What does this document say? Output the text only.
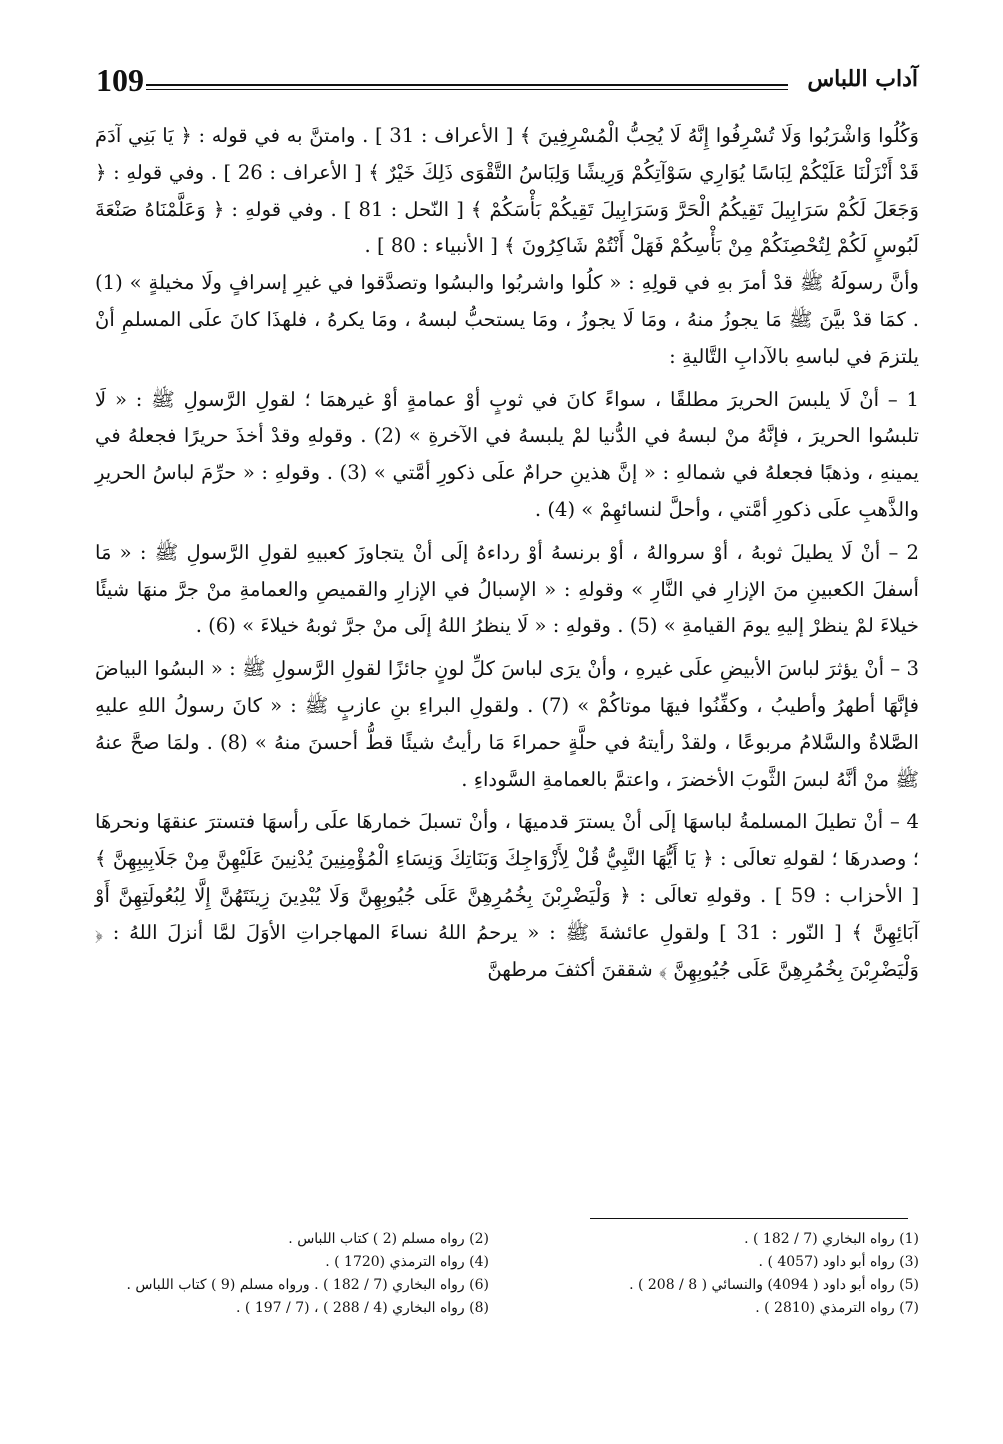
109	آداب اللباس

وَكُلُوا وَاشْرَبُوا وَلَا تُسْرِفُوا إِنَّهُ لَا يُحِبُّ الْمُسْرِفِينَ ﴾ [ الأعراف : 31 ] . وامتنَّ به في قوله : ﴿ يَا بَنِي آدَمَ قَدْ أَنْزَلْنَا عَلَيْكُمْ لِبَاسًا يُوَارِي سَوْآتِكُمْ وَرِيشًا وَلِبَاسُ التَّقْوَى ذَلِكَ خَيْرٌ ﴾ [ الأعراف : 26 ] . وفي قولهِ : ﴿ وَجَعَلَ لَكُمْ سَرَابِيلَ تَقِيكُمُ الْحَرَّ وَسَرَابِيلَ تَقِيكُمْ بَأْسَكُمْ ﴾ [ النّحل : 81 ] . وفي قولهِ : ﴿ وَعَلَّمْنَاهُ صَنْعَةَ لَبُوسٍ لَكُمْ لِتُحْصِنَكُمْ مِنْ بَأْسِكُمْ فَهَلْ أَنْتُمْ شَاكِرُونَ ﴾ [ الأنبياء : 80 ] .

وأنَّ رسولَهُ ﷺ قدْ أمرَ بهِ في قولِهِ : « كلُوا واشربُوا والبسُوا وتصدَّقوا في غيرِ إسرافٍ ولَا مخيلةٍ » (1) . كمَا قدْ بيَّنَ ﷺ مَا يجوزُ منهُ ، ومَا لَا يجوزُ ، ومَا يستحبُّ لبسهُ ، ومَا يكرهُ ، فلهذَا كانَ علَى المسلمِ أنْ يلتزمَ في لباسهِ بالآدابِ التَّاليةِ :

1 – أنْ لَا يلبسَ الحريرَ مطلقًا ، سواءً كانَ في ثوبٍ أوْ عمامةٍ أوْ غيرهمَا ؛ لقولِ الرَّسولِ ﷺ : « لَا تلبسُوا الحريرَ ، فإنَّهُ منْ لبسهُ في الدُّنيا لمْ يلبسهُ في الآخرةِ » (2) . وقولهِ وقدْ أخذَ حريرًا فجعلهُ في يمينهِ ، وذهبًا فجعلهُ في شمالهِ : « إنَّ هذينِ حرامٌ علَى ذكورِ أمَّتي » (3) . وقولهِ : « حرِّمَ لباسُ الحريرِ والذَّهبِ علَى ذكورِ أمَّتي ، وأحلَّ لنسائهِمْ » (4) .

2 – أنْ لَا يطيلَ ثوبهُ ، أوْ سروالهُ ، أوْ برنسهُ أوْ رداءهُ إلَى أنْ يتجاوزَ كعبيهِ لقولِ الرَّسولِ ﷺ : « مَا أسفلَ الكعبينِ منَ الإزارِ في النَّارِ » وقولهِ : « الإسبالُ في الإزارِ والقميصِ والعمامةِ منْ جرَّ منهَا شيئًا خيلاءَ لمْ ينظرْ إليهِ يومَ القيامةِ » (5) . وقولهِ : « لَا ينظرُ اللهُ إلَى منْ جرَّ ثوبهُ خيلاءَ » (6) .

3 – أنْ يؤثرَ لباسَ الأبيضِ علَى غيرهِ ، وأنْ يرَى لباسَ كلِّ لونٍ جائزًا لقولِ الرَّسولِ ﷺ : « البسُوا البياضَ فإنَّهَا أطهرُ وأطيبُ ، وكفِّنُوا فيهَا موتاكُمْ » (7) . ولقولِ البراءِ بنِ عازبٍ ﷺ : « كانَ رسولُ اللهِ عليهِ الصَّلاةُ والسَّلامُ مربوعًا ، ولقدْ رأيتهُ في حلَّةٍ حمراءَ مَا رأيتُ شيئًا قطُّ أحسنَ منهُ » (8) . ولمَا صحَّ عنهُ ﷺ منْ أنَّهُ لبسَ الثَّوبَ الأخضرَ ، واعتمَّ بالعمامةِ السَّوداءِ .

4 – أنْ تطيلَ المسلمةُ لباسهَا إلَى أنْ يسترَ قدميهَا ، وأنْ تسبلَ خمارهَا علَى رأسهَا فتسترَ عنقهَا ونحرهَا ؛ وصدرهَا ؛ لقولهِ تعالَى : ﴿ يَا أَيُّهَا النَّبِيُّ قُلْ لِأَزْوَاجِكَ وَبَنَاتِكَ وَنِسَاءِ الْمُؤْمِنِينَ يُدْنِينَ عَلَيْهِنَّ مِنْ جَلَابِيبِهِنَّ ﴾ [ الأحزاب : 59 ] . وقولهِ تعالَى : ﴿ وَلْيَضْرِبْنَ بِخُمُرِهِنَّ عَلَى جُيُوبِهِنَّ وَلَا يُبْدِينَ زِينَتَهُنَّ إِلَّا لِبُعُولَتِهِنَّ أَوْ آبَائِهِنَّ ﴾ [ النّور : 31 ] ولقولِ عائشةَ ﷺ : « يرحمُ اللهُ نساءَ المهاجراتِ الأوَلَ لمَّا أنزلَ اللهُ : ﴿ وَلْيَضْرِبْنَ بِخُمُرِهِنَّ عَلَى جُيُوبِهِنَّ ﴾ شققنَ أكثفَ مرطهنَّ

(1) رواه البخاري (7 / 182 ) .
(2) رواه مسلم (2 ) كتاب اللباس .
(3) رواه أبو داود (4057 ) .
(4) رواه الترمذي (1720 ) .
(5) رواه أبو داود ( 4094) والنسائي ( 8 / 208 ) .
(6) رواه البخاري (7 / 182 ) . ورواه مسلم (9 ) كتاب اللباس .
(7) رواه الترمذي (2810 ) .
(8) رواه البخاري (4 / 288 ) ، (7 / 197 ) .
